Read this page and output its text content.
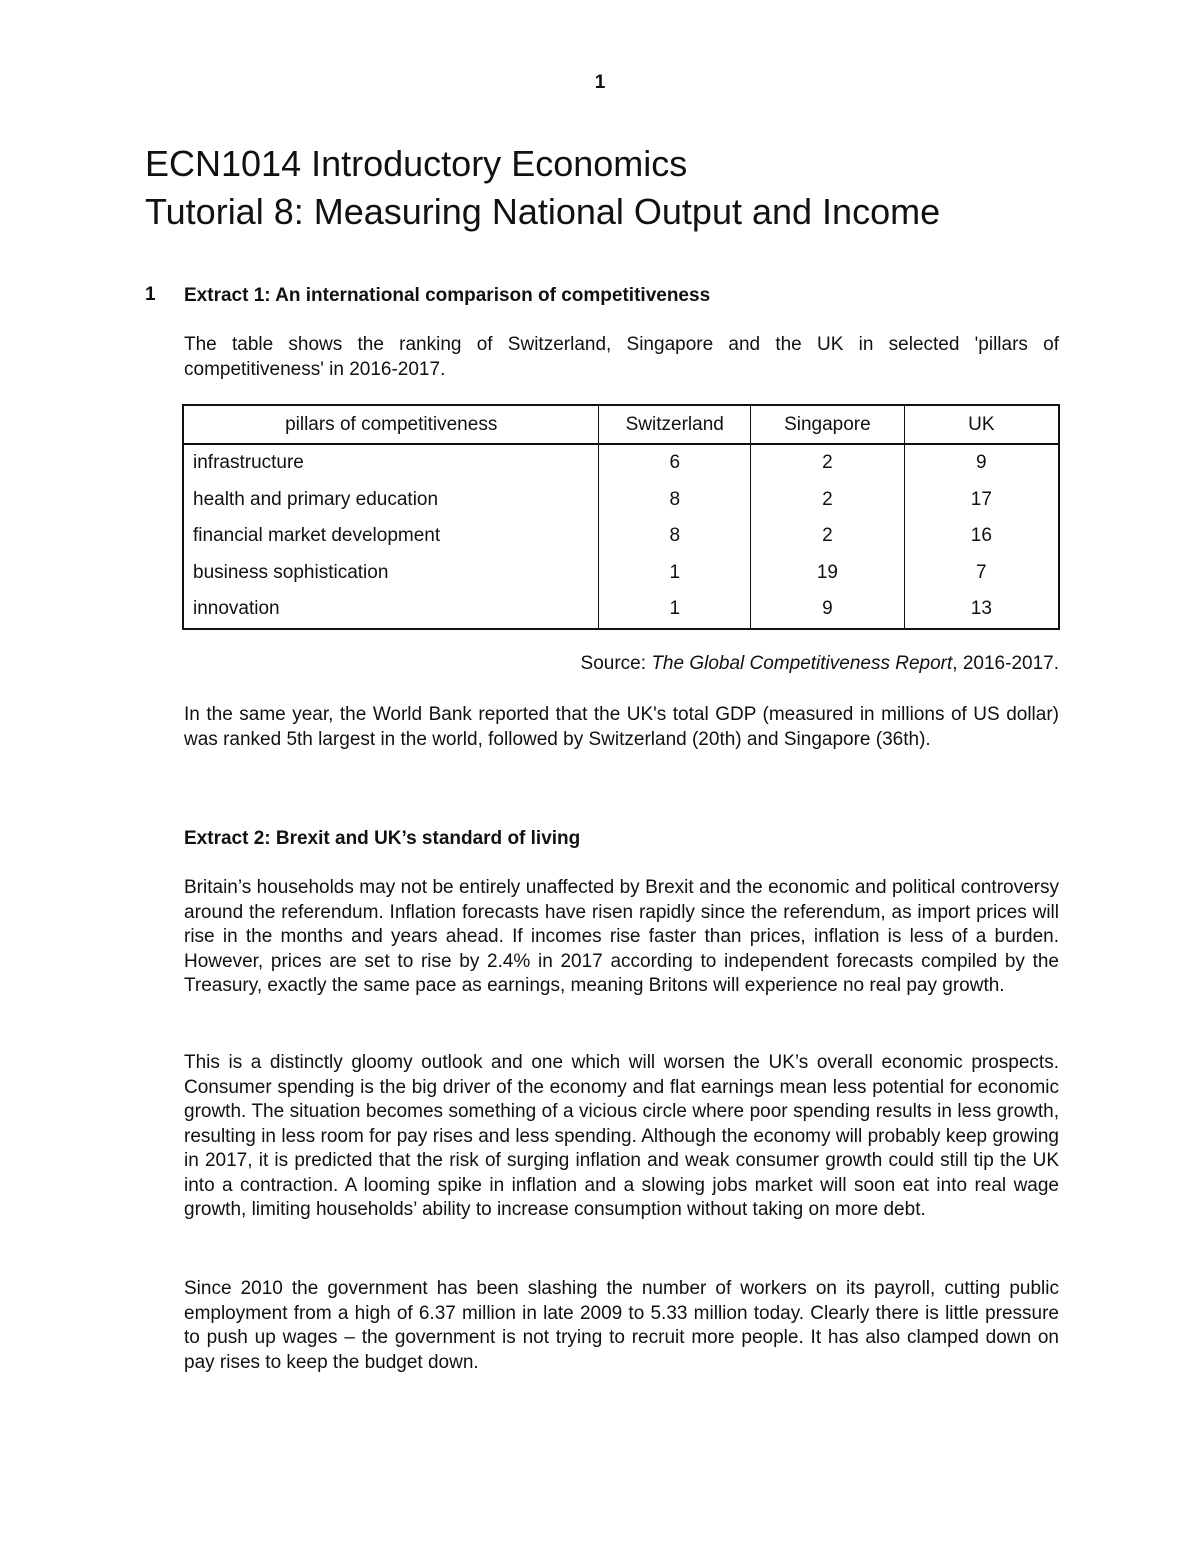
1
ECN1014 Introductory Economics
Tutorial 8: Measuring National Output and Income
1 Extract 1: An international comparison of competitiveness

The table shows the ranking of Switzerland, Singapore and the UK in selected 'pillars of competitiveness' in 2016-2017.

pillars of competitiveness	Switzerland	Singapore	UK
infrastructure	6	2	9
health and primary education	8	2	17
financial market development	8	2	16
business sophistication	1	19	7
innovation	1	9	13
Source: The Global Competitiveness Report, 2016-2017.

In the same year, the World Bank reported that the UK's total GDP (measured in millions of US dollar) was ranked 5th largest in the world, followed by Switzerland (20th) and Singapore (36th).

Extract 2: Brexit and UK’s standard of living

Britain’s households may not be entirely unaffected by Brexit and the economic and political controversy around the referendum. Inflation forecasts have risen rapidly since the referendum, as import prices will rise in the months and years ahead. If incomes rise faster than prices, inflation is less of a burden. However, prices are set to rise by 2.4% in 2017 according to independent forecasts compiled by the Treasury, exactly the same pace as earnings, meaning Britons will experience no real pay growth.

This is a distinctly gloomy outlook and one which will worsen the UK’s overall economic prospects. Consumer spending is the big driver of the economy and flat earnings mean less potential for economic growth. The situation becomes something of a vicious circle where poor spending results in less growth, resulting in less room for pay rises and less spending. Although the economy will probably keep growing in 2017, it is predicted that the risk of surging inflation and weak consumer growth could still tip the UK into a contraction. A looming spike in inflation and a slowing jobs market will soon eat into real wage growth, limiting households’ ability to increase consumption without taking on more debt.

Since 2010 the government has been slashing the number of workers on its payroll, cutting public employment from a high of 6.37 million in late 2009 to 5.33 million today. Clearly there is little pressure to push up wages – the government is not trying to recruit more people. It has also clamped down on pay rises to keep the budget down.
